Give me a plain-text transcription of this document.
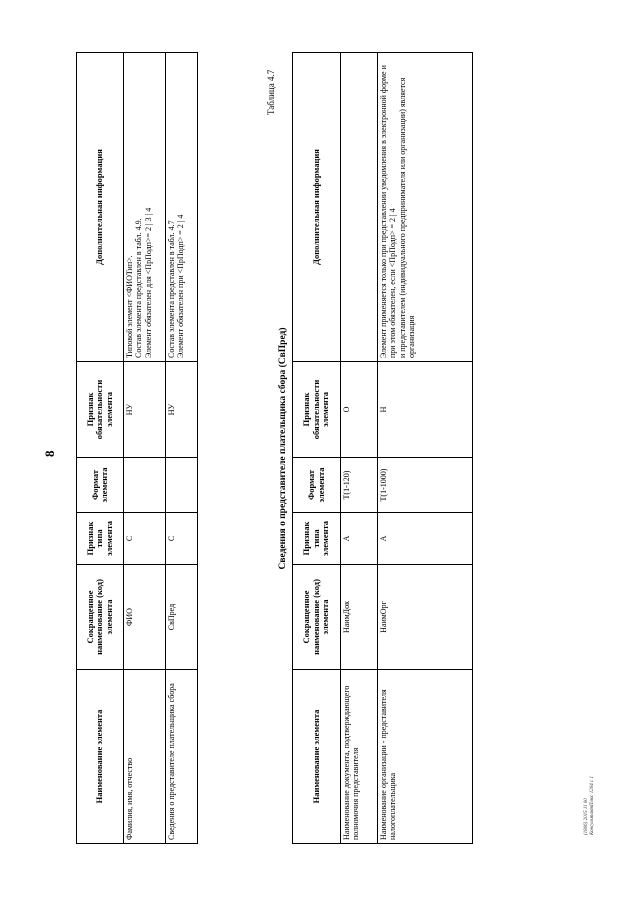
8
Наименование элемента	Сокращенное наименование (код) элемента	Признак типа элемента	Формат элемента	Признак обязательности элемента	Дополнительная информация
Фамилия, имя, отчество	ФИО	С		НУ	Типовой элемент <ФИОТип>. Состав элемента представлен в табл. 4.9. Элемент обязателен для <ПрПодп>= 2 | 3 | 4

Сведения о представителе плательщика сбора	СвПред	С		НУ	Состав элемента представлен в табл. 4.7 Элемент обязателен при <ПрПодп> = 2 | 4
Таблица 4.7
Сведения о представителе плательщика сбора (СвПред)
Наименование элемента	Сокращенное наименование (код) элемента	Признак типа элемента	Формат элемента	Признак обязательности элемента	Дополнительная информация
Наименование документа, подтверждающего полномочия представителя	НаимДок	А	Т(1-120)	О	
Наименование организации - представителя налогоплательщика	НаимОрг	А	Т(1-1000)	Н	Элемент применяется только при представлении уведомления в электронной форме и при этом обязателен, если <ПрПодп> = 2 | 4 и представителем (индивидуального предпринимателя или организации) является организация
(1806) 2015 11 00 КонсультантПлюс 1204 с 1
